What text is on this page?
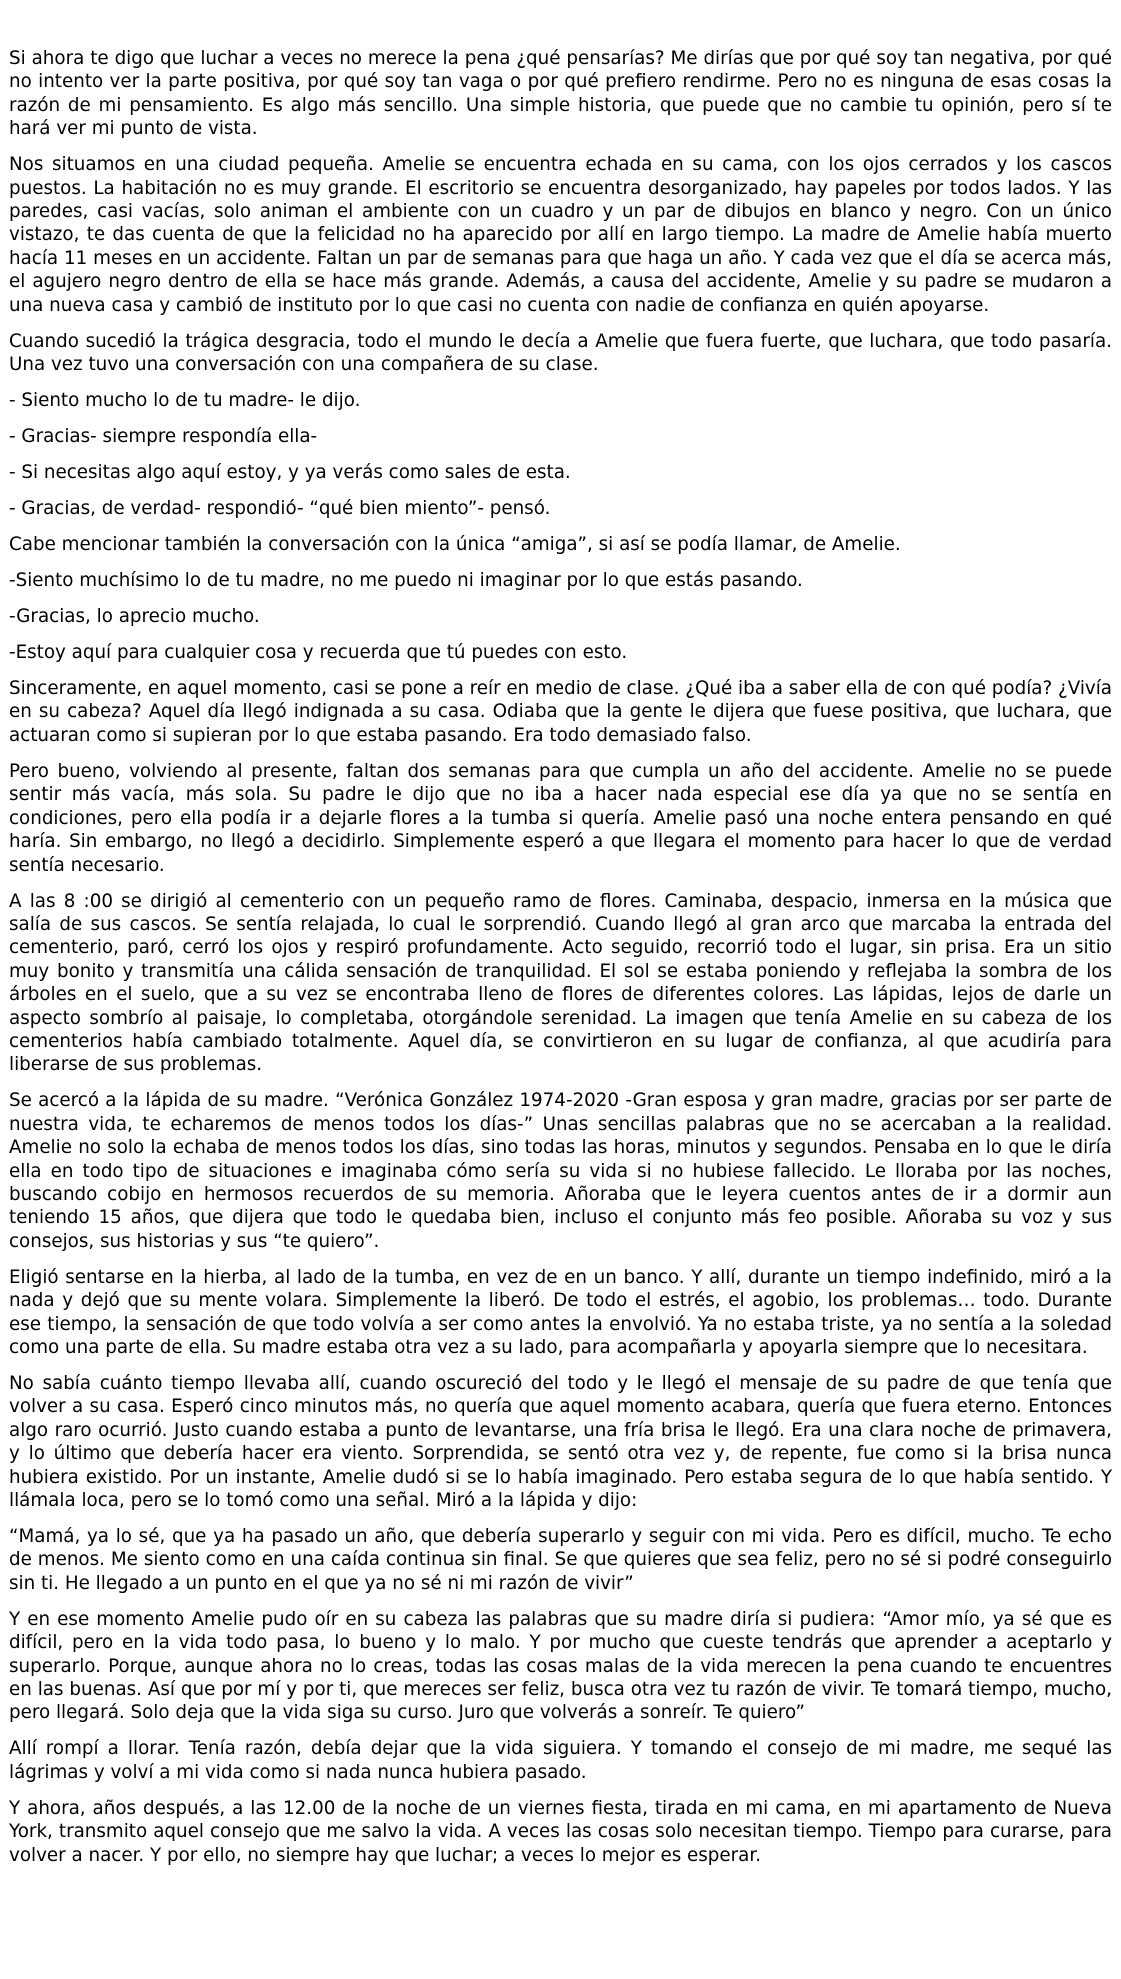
Si ahora te digo que luchar a veces no merece la pena ¿qué pensarías? Me dirías que por qué soy tan negativa, por qué no intento ver la parte positiva, por qué soy tan vaga o por qué prefiero rendirme. Pero no es ninguna de esas cosas la razón de mi pensamiento. Es algo más sencillo. Una simple historia, que puede que no cambie tu opinión, pero sí te hará ver mi punto de vista.

Nos situamos en una ciudad pequeña. Amelie se encuentra echada en su cama, con los ojos cerrados y los cascos puestos. La habitación no es muy grande. El escritorio se encuentra desorganizado, hay papeles por todos lados. Y las paredes, casi vacías, solo animan el ambiente con un cuadro y un par de dibujos en blanco y negro. Con un único vistazo, te das cuenta de que la felicidad no ha aparecido por allí en largo tiempo. La madre de Amelie había muerto hacía 11 meses en un accidente. Faltan un par de semanas para que haga un año. Y cada vez que el día se acerca más, el agujero negro dentro de ella se hace más grande. Además, a causa del accidente, Amelie y su padre se mudaron a una nueva casa y cambió de instituto por lo que casi no cuenta con nadie de confianza en quién apoyarse.

Cuando sucedió la trágica desgracia, todo el mundo le decía a Amelie que fuera fuerte, que luchara, que todo pasaría. Una vez tuvo una conversación con una compañera de su clase.

- Siento mucho lo de tu madre- le dijo.

- Gracias- siempre respondía ella-

- Si necesitas algo aquí estoy, y ya verás como sales de esta.

- Gracias, de verdad- respondió- “qué bien miento”- pensó.

Cabe mencionar también la conversación con la única “amiga”, si así se podía llamar, de Amelie.

-Siento muchísimo lo de tu madre, no me puedo ni imaginar por lo que estás pasando.

-Gracias, lo aprecio mucho.

-Estoy aquí para cualquier cosa y recuerda que tú puedes con esto.

Sinceramente, en aquel momento, casi se pone a reír en medio de clase. ¿Qué iba a saber ella de con qué podía? ¿Vivía en su cabeza? Aquel día llegó indignada a su casa. Odiaba que la gente le dijera que fuese positiva, que luchara, que actuaran como si supieran por lo que estaba pasando. Era todo demasiado falso.

Pero bueno, volviendo al presente, faltan dos semanas para que cumpla un año del accidente. Amelie no se puede sentir más vacía, más sola. Su padre le dijo que no iba a hacer nada especial ese día ya que no se sentía en condiciones, pero ella podía ir a dejarle flores a la tumba si quería. Amelie pasó una noche entera pensando en qué haría. Sin embargo, no llegó a decidirlo. Simplemente esperó a que llegara el momento para hacer lo que de verdad sentía necesario.

A las 8 :00 se dirigió al cementerio con un pequeño ramo de flores. Caminaba, despacio, inmersa en la música que salía de sus cascos. Se sentía relajada, lo cual le sorprendió. Cuando llegó al gran arco que marcaba la entrada del cementerio, paró, cerró los ojos y respiró profundamente. Acto seguido, recorrió todo el lugar, sin prisa. Era un sitio muy bonito y transmitía una cálida sensación de tranquilidad. El sol se estaba poniendo y reflejaba la sombra de los árboles en el suelo, que a su vez se encontraba lleno de flores de diferentes colores. Las lápidas, lejos de darle un aspecto sombrío al paisaje, lo completaba, otorgándole serenidad. La imagen que tenía Amelie en su cabeza de los cementerios había cambiado totalmente. Aquel día, se convirtieron en su lugar de confianza, al que acudiría para liberarse de sus problemas.

Se acercó a la lápida de su madre. “Verónica González 1974-2020 -Gran esposa y gran madre, gracias por ser parte de nuestra vida, te echaremos de menos todos los días-” Unas sencillas palabras que no se acercaban a la realidad. Amelie no solo la echaba de menos todos los días, sino todas las horas, minutos y segundos. Pensaba en lo que le diría ella en todo tipo de situaciones e imaginaba cómo sería su vida si no hubiese fallecido. Le lloraba por las noches, buscando cobijo en hermosos recuerdos de su memoria. Añoraba que le leyera cuentos antes de ir a dormir aun teniendo 15 años, que dijera que todo le quedaba bien, incluso el conjunto más feo posible. Añoraba su voz y sus consejos, sus historias y sus “te quiero”.

Eligió sentarse en la hierba, al lado de la tumba, en vez de en un banco. Y allí, durante un tiempo indefinido, miró a la nada y dejó que su mente volara. Simplemente la liberó. De todo el estrés, el agobio, los problemas… todo. Durante ese tiempo, la sensación de que todo volvía a ser como antes la envolvió. Ya no estaba triste, ya no sentía a la soledad como una parte de ella. Su madre estaba otra vez a su lado, para acompañarla y apoyarla siempre que lo necesitara.

No sabía cuánto tiempo llevaba allí, cuando oscureció del todo y le llegó el mensaje de su padre de que tenía que volver a su casa. Esperó cinco minutos más, no quería que aquel momento acabara, quería que fuera eterno. Entonces algo raro ocurrió. Justo cuando estaba a punto de levantarse, una fría brisa le llegó. Era una clara noche de primavera, y lo último que debería hacer era viento. Sorprendida, se sentó otra vez y, de repente, fue como si la brisa nunca hubiera existido. Por un instante, Amelie dudó si se lo había imaginado. Pero estaba segura de lo que había sentido. Y llámala loca, pero se lo tomó como una señal. Miró a la lápida y dijo:

“Mamá, ya lo sé, que ya ha pasado un año, que debería superarlo y seguir con mi vida. Pero es difícil, mucho. Te echo de menos. Me siento como en una caída continua sin final. Se que quieres que sea feliz, pero no sé si podré conseguirlo sin ti. He llegado a un punto en el que ya no sé ni mi razón de vivir”

Y en ese momento Amelie pudo oír en su cabeza las palabras que su madre diría si pudiera: “Amor mío, ya sé que es difícil, pero en la vida todo pasa, lo bueno y lo malo. Y por mucho que cueste tendrás que aprender a aceptarlo y superarlo. Porque, aunque ahora no lo creas, todas las cosas malas de la vida merecen la pena cuando te encuentres en las buenas. Así que por mí y por ti, que mereces ser feliz, busca otra vez tu razón de vivir. Te tomará tiempo, mucho, pero llegará. Solo deja que la vida siga su curso. Juro que volverás a sonreír. Te quiero”

Allí rompí a llorar. Tenía razón, debía dejar que la vida siguiera. Y tomando el consejo de mi madre, me sequé las lágrimas y volví a mi vida como si nada nunca hubiera pasado.

Y ahora, años después, a las 12.00 de la noche de un viernes fiesta, tirada en mi cama, en mi apartamento de Nueva York, transmito aquel consejo que me salvo la vida. A veces las cosas solo necesitan tiempo. Tiempo para curarse, para volver a nacer. Y por ello, no siempre hay que luchar; a veces lo mejor es esperar.
